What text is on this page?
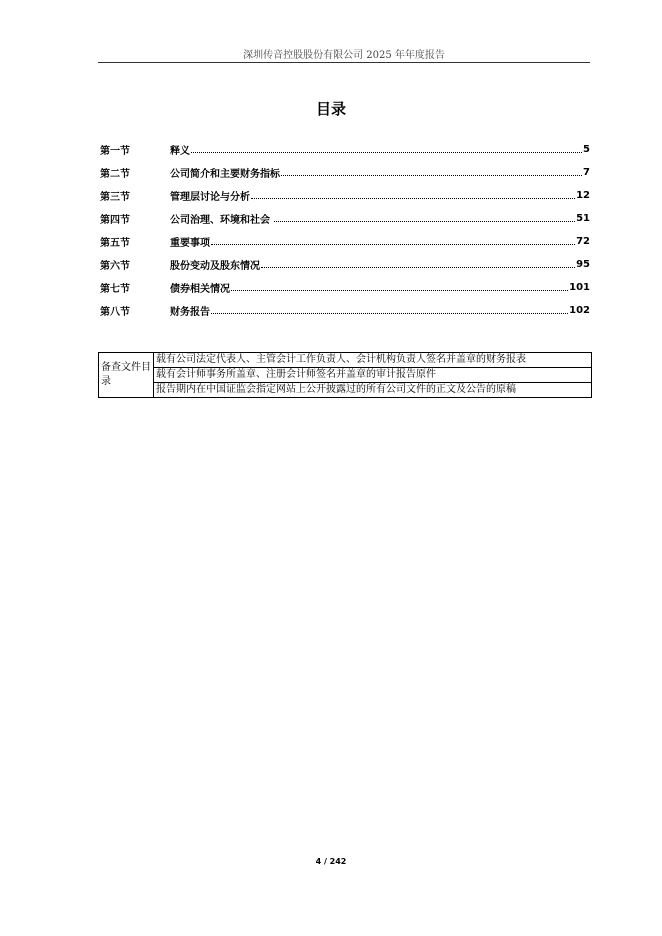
深圳传音控股股份有限公司 2025 年年度报告
目录
第一节	释义	5
第二节	公司简介和主要财务指标	7
第三节	管理层讨论与分析	12
第四节	公司治理、环境和社会	51
第五节	重要事项	72
第六节	股份变动及股东情况	95
第七节	债券相关情况	101
第八节	财务报告	102
备查文件目录	载有公司法定代表人、主管会计工作负责人、会计机构负责人签名并盖章的财务报表
载有会计师事务所盖章、注册会计师签名并盖章的审计报告原件
报告期内在中国证监会指定网站上公开披露过的所有公司文件的正文及公告的原稿
4 / 242
